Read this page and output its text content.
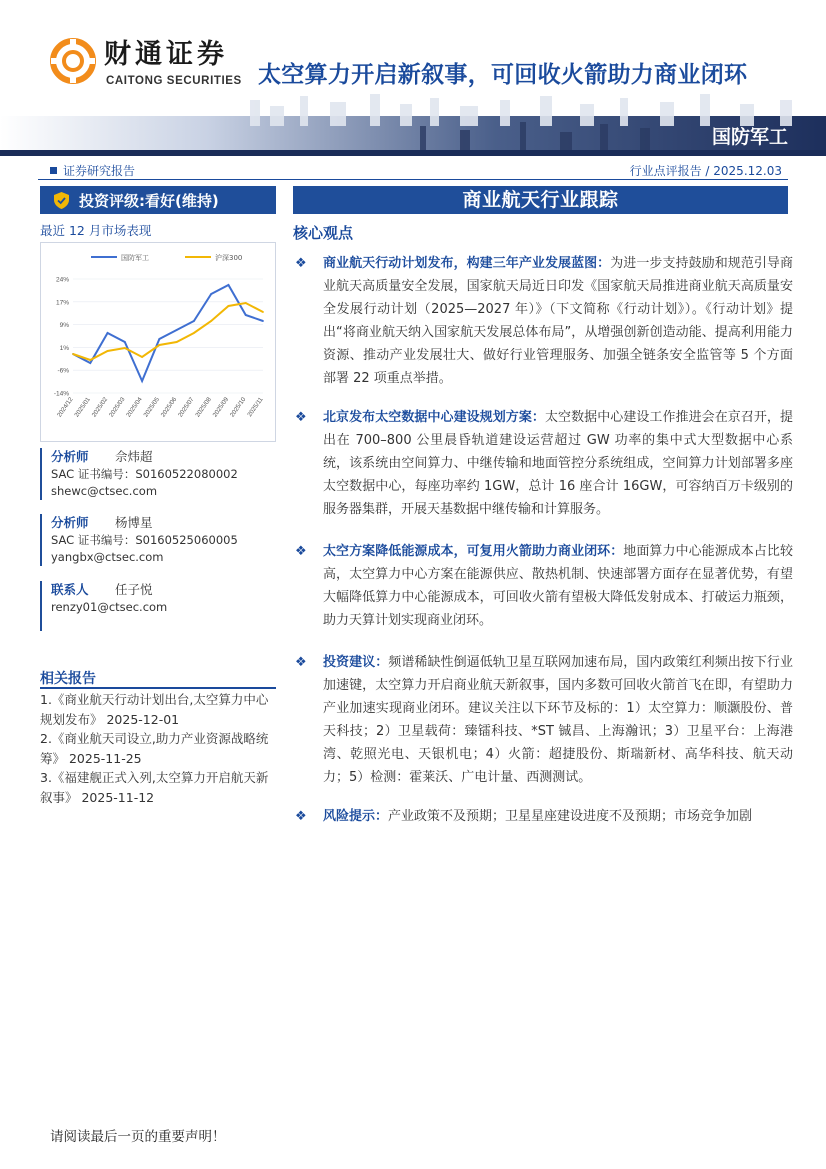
财通证券
CAITONG SECURITIES 太空算力开启新叙事，可回收火箭助力商业闭环
国防军工
证券研究报告	行业点评报告 / 2025.12.03
投资评级:看好(维持)
最近 12 月市场表现
24%
17%
9%
1%
-6%
-14%
2024/12
2025/01
2025/02
2025/03
2025/04
2025/05
2025/06
2025/07
2025/08
2025/09
2025/10
2025/11
国防军工	沪深300
分析师 佘炜超
SAC 证书编号：S0160522080002
shewc@ctsec.com
分析师 杨博星
SAC 证书编号：S0160525060005
yangbx@ctsec.com
联系人 任子悦
renzy01@ctsec.com
相关报告
1.《商业航天行动计划出台,太空算力中心
规划发布》 2025-12-01
2.《商业航天司设立,助力产业资源战略统
筹》 2025-11-25
3.《福建舰正式入列,太空算力开启航天新
叙事》 2025-11-12
商业航天行业跟踪
核心观点
❖ 商业航天行动计划发布，构建三年产业发展蓝图：为进一步支持鼓励和规范引导商业航天高质量安全发展，国家航天局近日印发《国家航天局推进商业航天高质量安全发展行动计划（2025—2027 年）》（下文简称《行动计划》）。《行动计划》提出“将商业航天纳入国家航天发展总体布局”，从增强创新创造动能、提高利用能力资源、推动产业发展壮大、做好行业管理服务、加强全链条安全监管等 5 个方面部署 22 项重点举措。
❖ 北京发布太空数据中心建设规划方案：太空数据中心建设工作推进会在京召开，提出在 700–800 公里晨昏轨道建设运营超过 GW 功率的集中式大型数据中心系统，该系统由空间算力、中继传输和地面管控分系统组成，空间算力计划部署多座太空数据中心，每座功率约 1GW，总计 16 座合计 16GW，可容纳百万卡级别的服务器集群，开展天基数据中继传输和计算服务。
❖ 太空方案降低能源成本，可复用火箭助力商业闭环：地面算力中心能源成本占比较高，太空算力中心方案在能源供应、散热机制、快速部署方面存在显著优势，有望大幅降低算力中心能源成本，可回收火箭有望极大降低发射成本、打破运力瓶颈，助力天算计划实现商业闭环。
❖ 投资建议：频谱稀缺性倒逼低轨卫星互联网加速布局，国内政策红利频出按下行业加速键，太空算力开启商业航天新叙事，国内多数可回收火箭首飞在即，有望助力产业加速实现商业闭环。建议关注以下环节及标的：1）太空算力：顺灏股份、普天科技；2）卫星载荷：臻镭科技、*ST 铖昌、上海瀚讯；3）卫星平台：上海港湾、乾照光电、天银机电；4）火箭：超捷股份、斯瑞新材、高华科技、航天动力；5）检测：霍莱沃、广电计量、西测测试。
❖ 风险提示：产业政策不及预期；卫星星座建设进度不及预期；市场竞争加剧
请阅读最后一页的重要声明！
